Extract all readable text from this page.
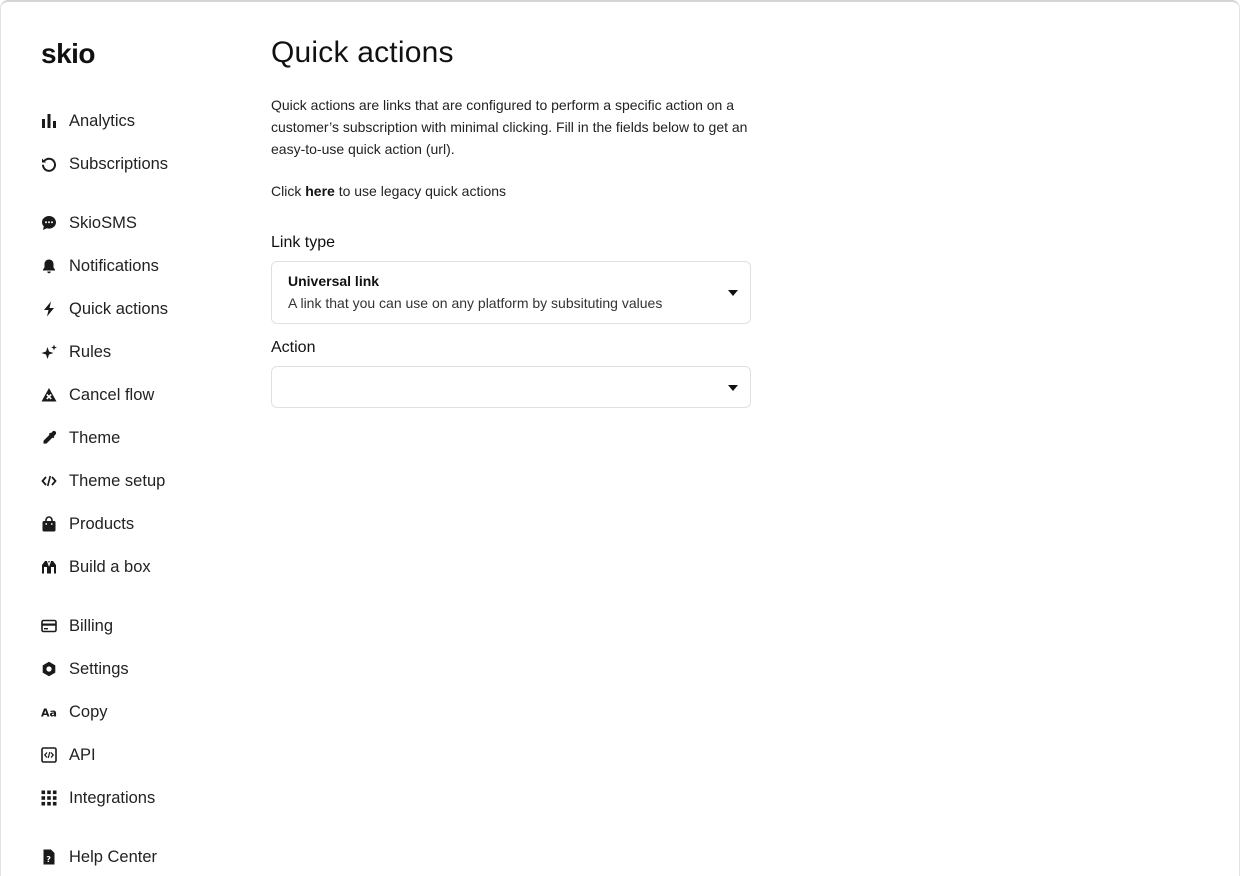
skio
Analytics
Subscriptions
SkioSMS
Notifications
Quick actions
Rules
Cancel flow
Theme
Theme setup
Products
Build a box
Billing
Settings
Aa Copy
API
Integrations
? Help Center
Quick actions

Quick actions are links that are configured to perform a specific action on a customer’s subscription with minimal clicking. Fill in the fields below to get an easy-to-use quick action (url).

Click here to use legacy quick actions

Link type
Universal link
A link that you can use on any platform by subsituting values
Action
